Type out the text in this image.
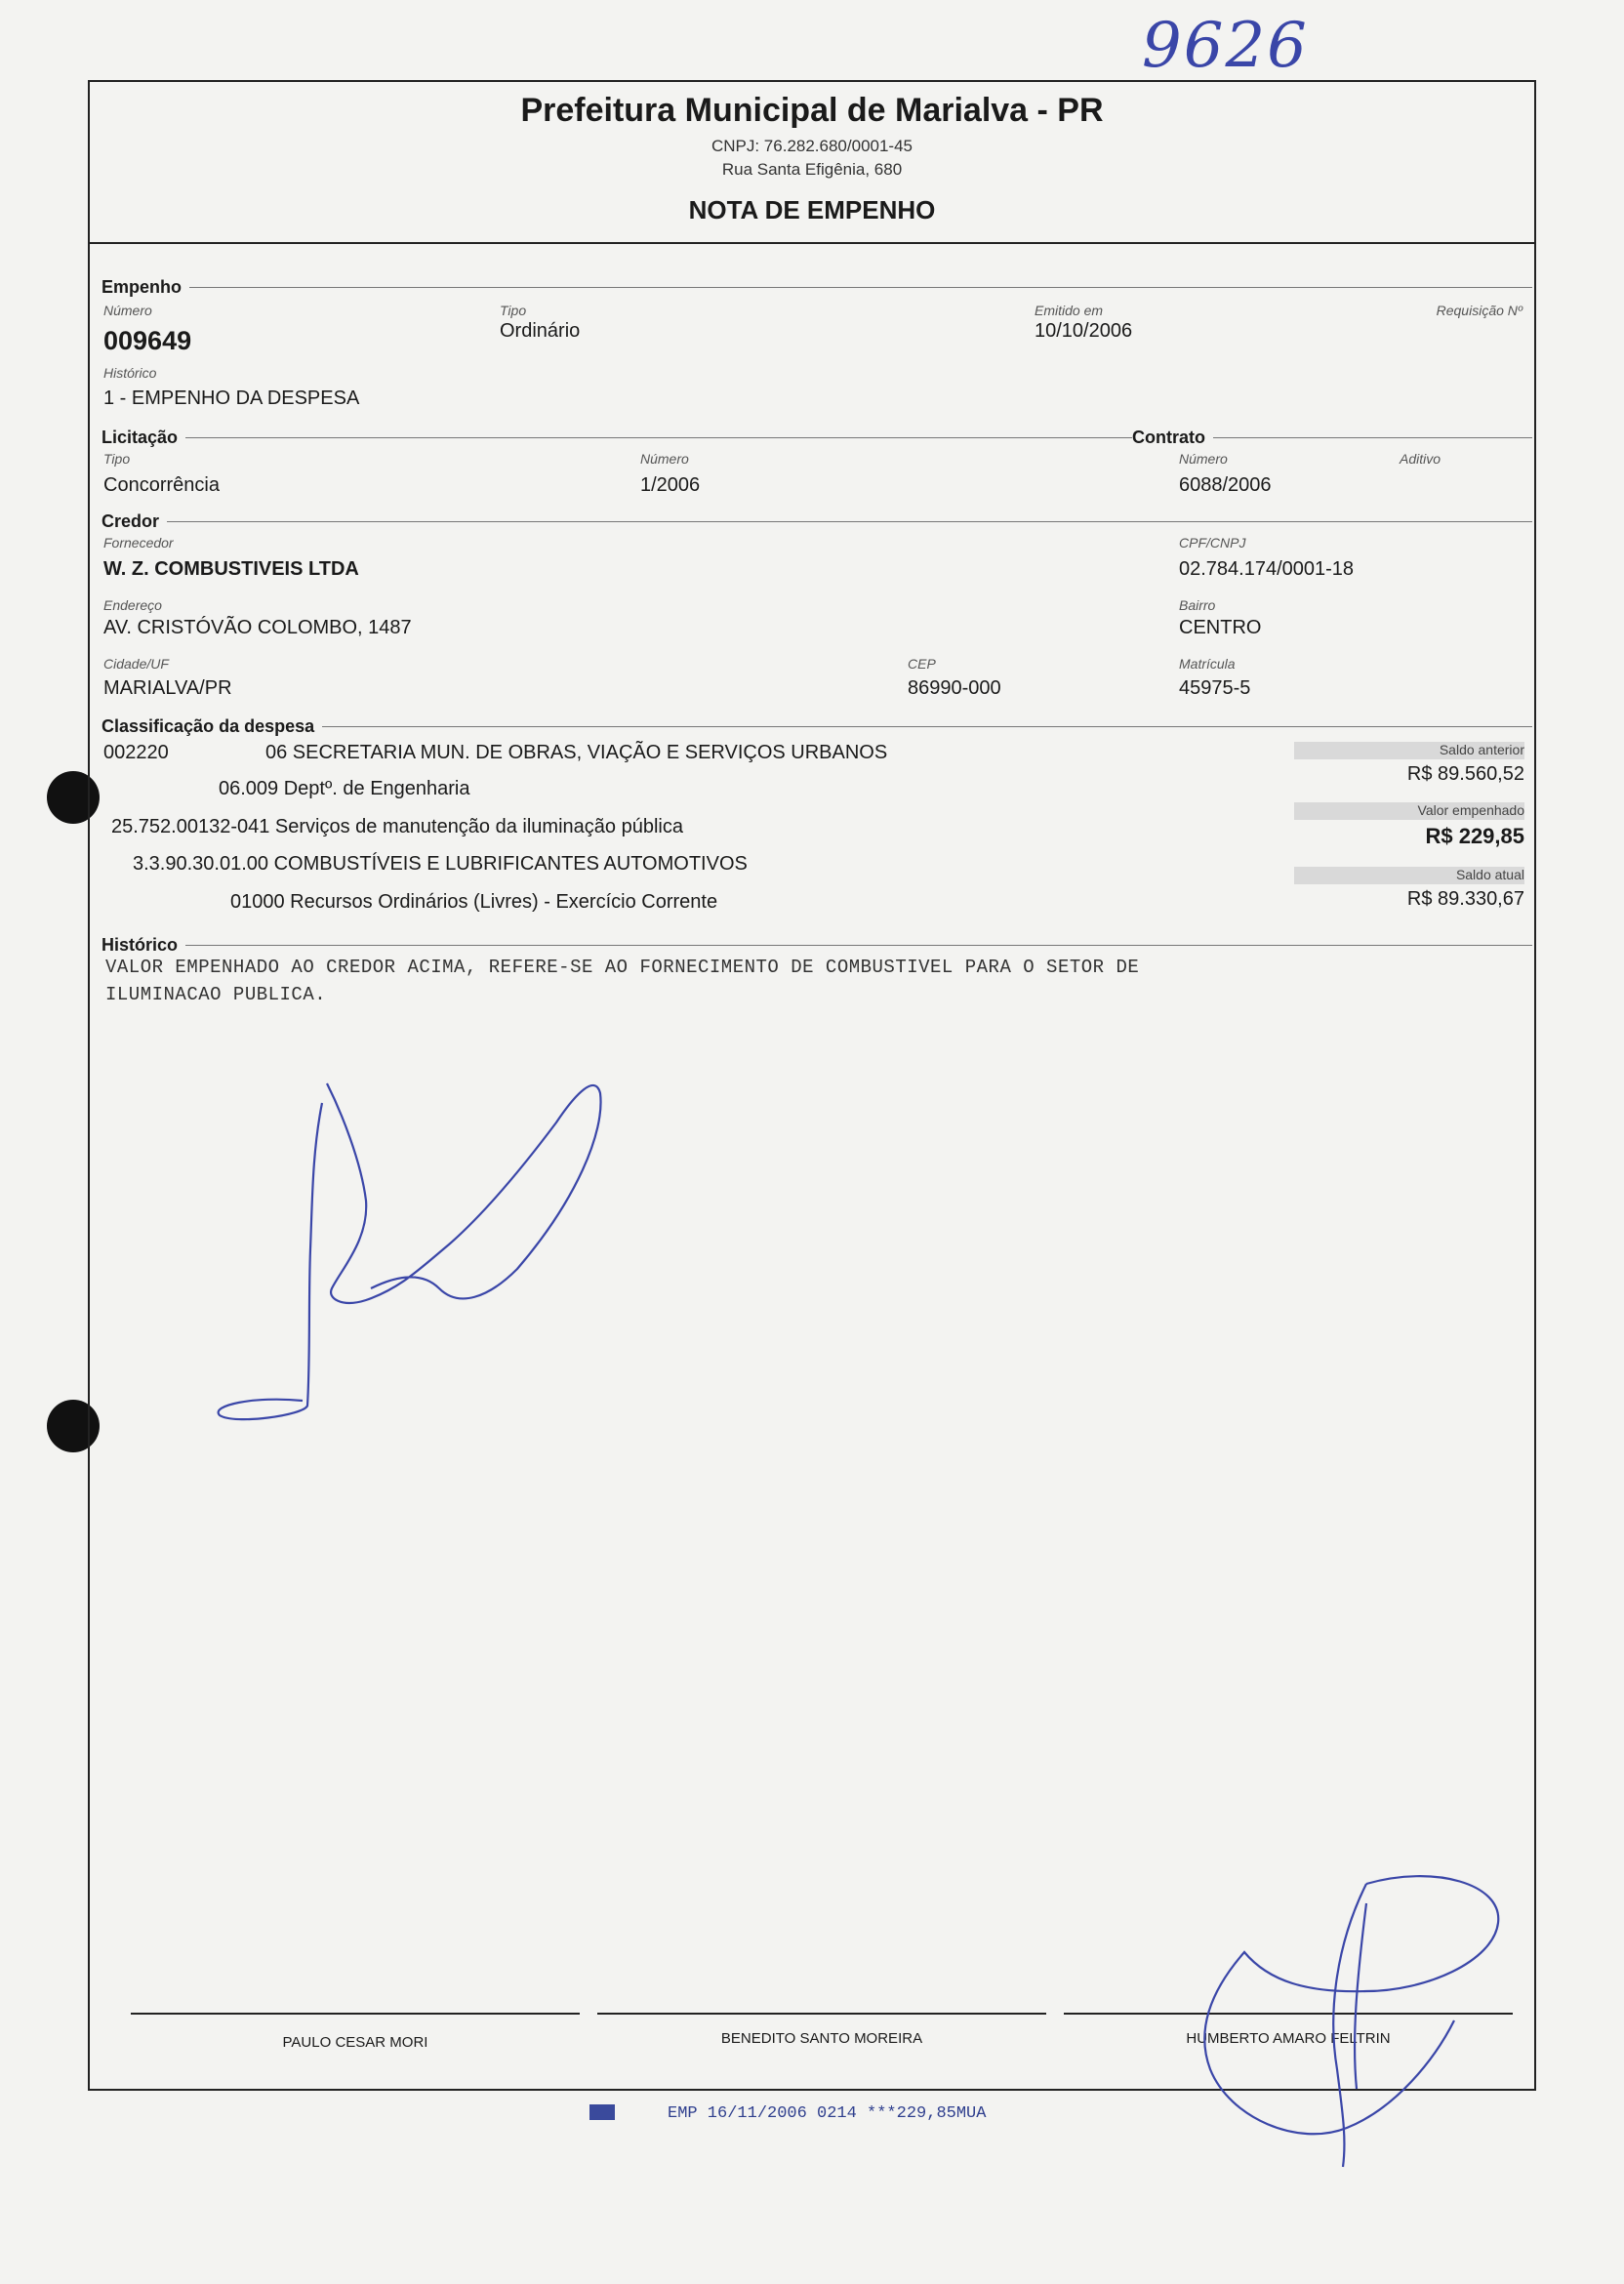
9626
Prefeitura Municipal de Marialva - PR
CNPJ: 76.282.680/0001-45
Rua Santa Efigênia, 680
NOTA DE EMPENHO
Empenho
Número
009649
Tipo
Ordinário
Emitido em
10/10/2006
Requisição Nº
Histórico
1 - EMPENHO DA DESPESA
Licitação	Contrato
Tipo
Concorrência
Número
1/2006
Número
6088/2006
Aditivo
Credor
Fornecedor
W. Z. COMBUSTIVEIS LTDA
CPF/CNPJ
02.784.174/0001-18
Endereço
AV. CRISTÓVÃO COLOMBO, 1487
Bairro
CENTRO
Cidade/UF
MARIALVA/PR
CEP
86990-000
Matrícula
45975-5
Classificação da despesa
002220	06 SECRETARIA MUN. DE OBRAS, VIAÇÃO E SERVIÇOS URBANOS
06.009 Deptº. de Engenharia
25.752.00132-041 Serviços de manutenção da iluminação pública
3.3.90.30.01.00 COMBUSTÍVEIS E LUBRIFICANTES AUTOMOTIVOS
01000 Recursos Ordinários (Livres) - Exercício Corrente
Saldo anterior
R$ 89.560,52
Valor empenhado
R$ 229,85
Saldo atual
R$ 89.330,67
Histórico
VALOR EMPENHADO AO CREDOR ACIMA, REFERE-SE AO FORNECIMENTO DE COMBUSTIVEL PARA O SETOR DE
ILUMINACAO PUBLICA.
PAULO CESAR MORI	BENEDITO SANTO MOREIRA	HUMBERTO AMARO FELTRIN
EMP 16/11/2006 0214 ***229,85MUA
